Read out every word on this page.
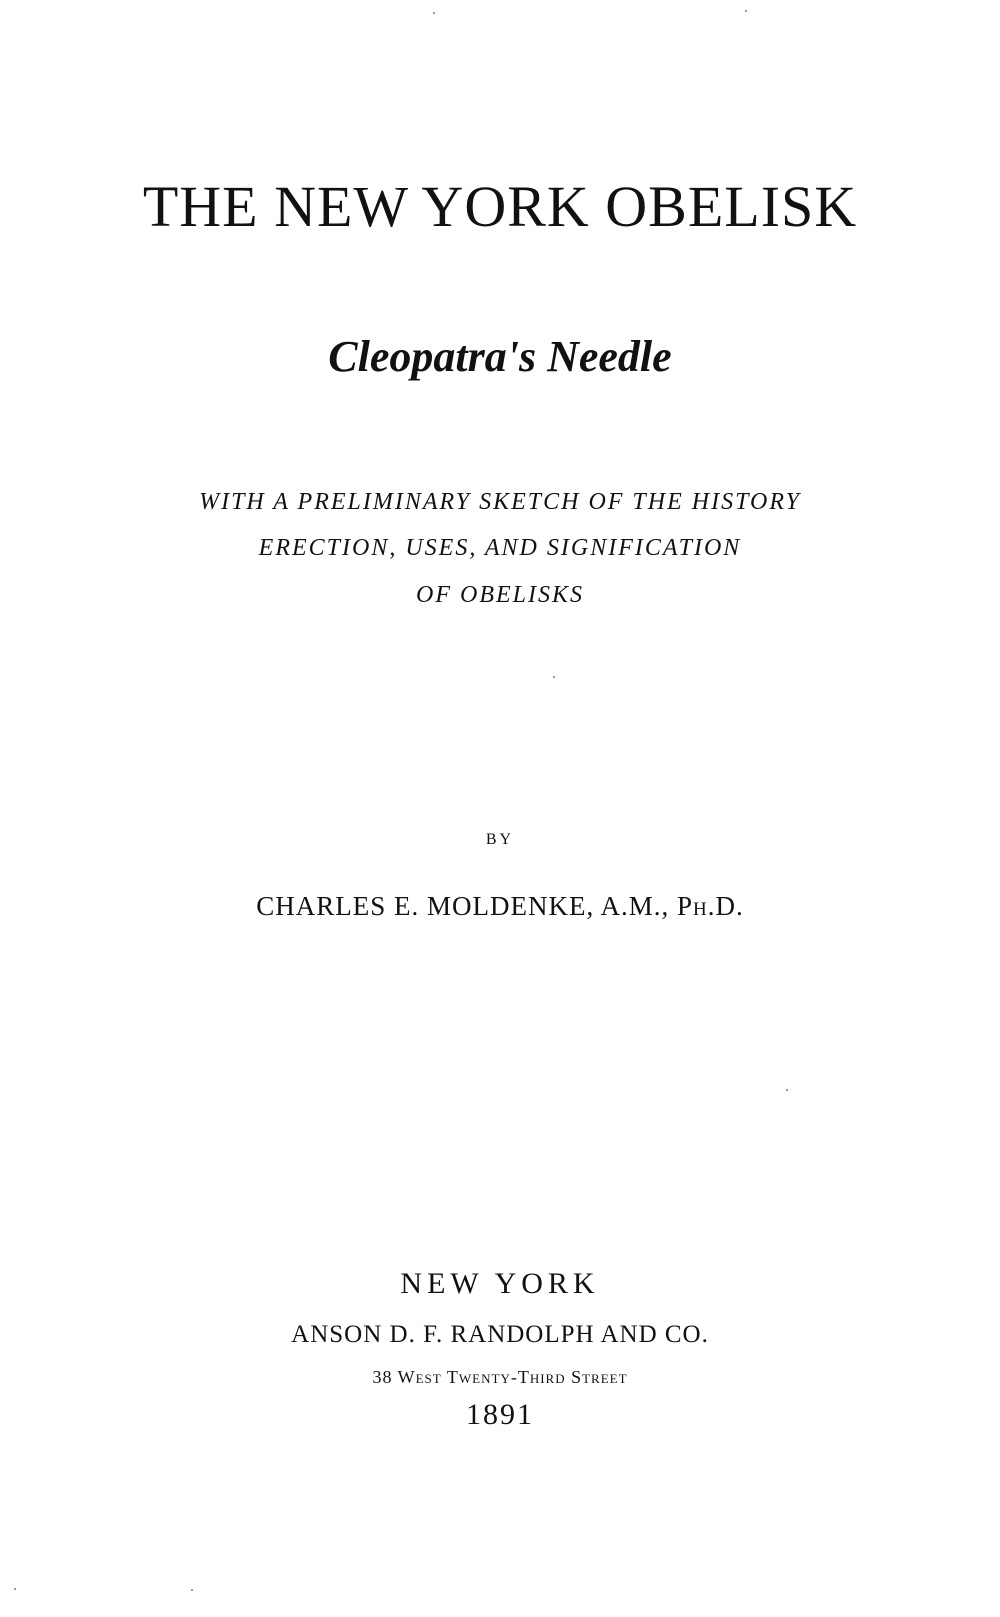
THE NEW YORK OBELISK
Cleopatra's Needle
WITH A PRELIMINARY SKETCH OF THE HISTORY
ERECTION, USES, AND SIGNIFICATION
OF OBELISKS
BY
CHARLES E. MOLDENKE, A.M., Ph.D.
NEW YORK
ANSON D. F. RANDOLPH AND CO.
38 West Twenty-Third Street
1891
